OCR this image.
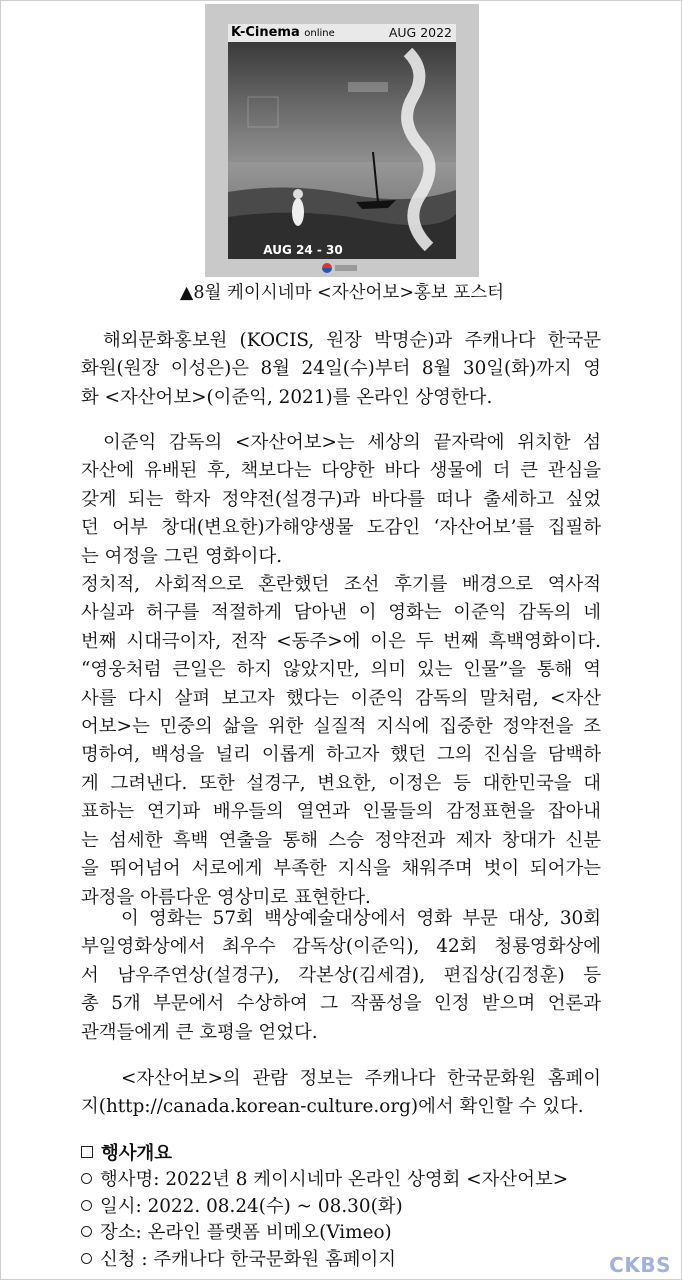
K-Cinema online	AUG 2022
AUG 24 - 30
▲8월 케이시네마 <자산어보>홍보 포스터
해외문화홍보원 (KOCIS, 원장 박명순)과 주캐나다 한국문
화원(원장 이성은)은 8월 24일(수)부터 8월 30일(화)까지 영
화 <자산어보>(이준익, 2021)를 온라인 상영한다.
이준익 감독의 <자산어보>는 세상의 끝자락에 위치한 섬
자산에 유배된 후, 책보다는 다양한 바다 생물에 더 큰 관심을
갖게 되는 학자 정약전(설경구)과 바다를 떠나 출세하고 싶었
던 어부 창대(변요한)가해양생물 도감인 ‘자산어보’를 집필하
는 여정을 그린 영화이다.
정치적, 사회적으로 혼란했던 조선 후기를 배경으로 역사적
사실과 허구를 적절하게 담아낸 이 영화는 이준익 감독의 네
번째 시대극이자, 전작 <동주>에 이은 두 번째 흑백영화이다.
“영웅처럼 큰일은 하지 않았지만, 의미 있는 인물”을 통해 역
사를 다시 살펴 보고자 했다는 이준익 감독의 말처럼, <자산
어보>는 민중의 삶을 위한 실질적 지식에 집중한 정약전을 조
명하여, 백성을 널리 이롭게 하고자 했던 그의 진심을 담백하
게 그려낸다. 또한 설경구, 변요한, 이정은 등 대한민국을 대
표하는 연기파 배우들의 열연과 인물들의 감정표현을 잡아내
는 섬세한 흑백 연출을 통해 스승 정약전과 제자 창대가 신분
을 뛰어넘어 서로에게 부족한 지식을 채워주며 벗이 되어가는
과정을 아름다운 영상미로 표현한다.
이 영화는 57회 백상예술대상에서 영화 부문 대상, 30회
부일영화상에서 최우수 감독상(이준익), 42회 청룡영화상에
서 남우주연상(설경구), 각본상(김세겸), 편집상(김정훈) 등
총 5개 부문에서 수상하여 그 작품성을 인정 받으며 언론과
관객들에게 큰 호평을 얻었다.
<자산어보>의 관람 정보는 주캐나다 한국문화원 홈페이
지(http://canada.korean-culture.org)에서 확인할 수 있다.
행사개요
행사명: 2022년 8 케이시네마 온라인 상영회 <자산어보>
일시: 2022. 08.24(수) ~ 08.30(화)
장소: 온라인 플랫폼 비메오(Vimeo)
신청 : 주캐나다 한국문화원 홈페이지	CKBS
